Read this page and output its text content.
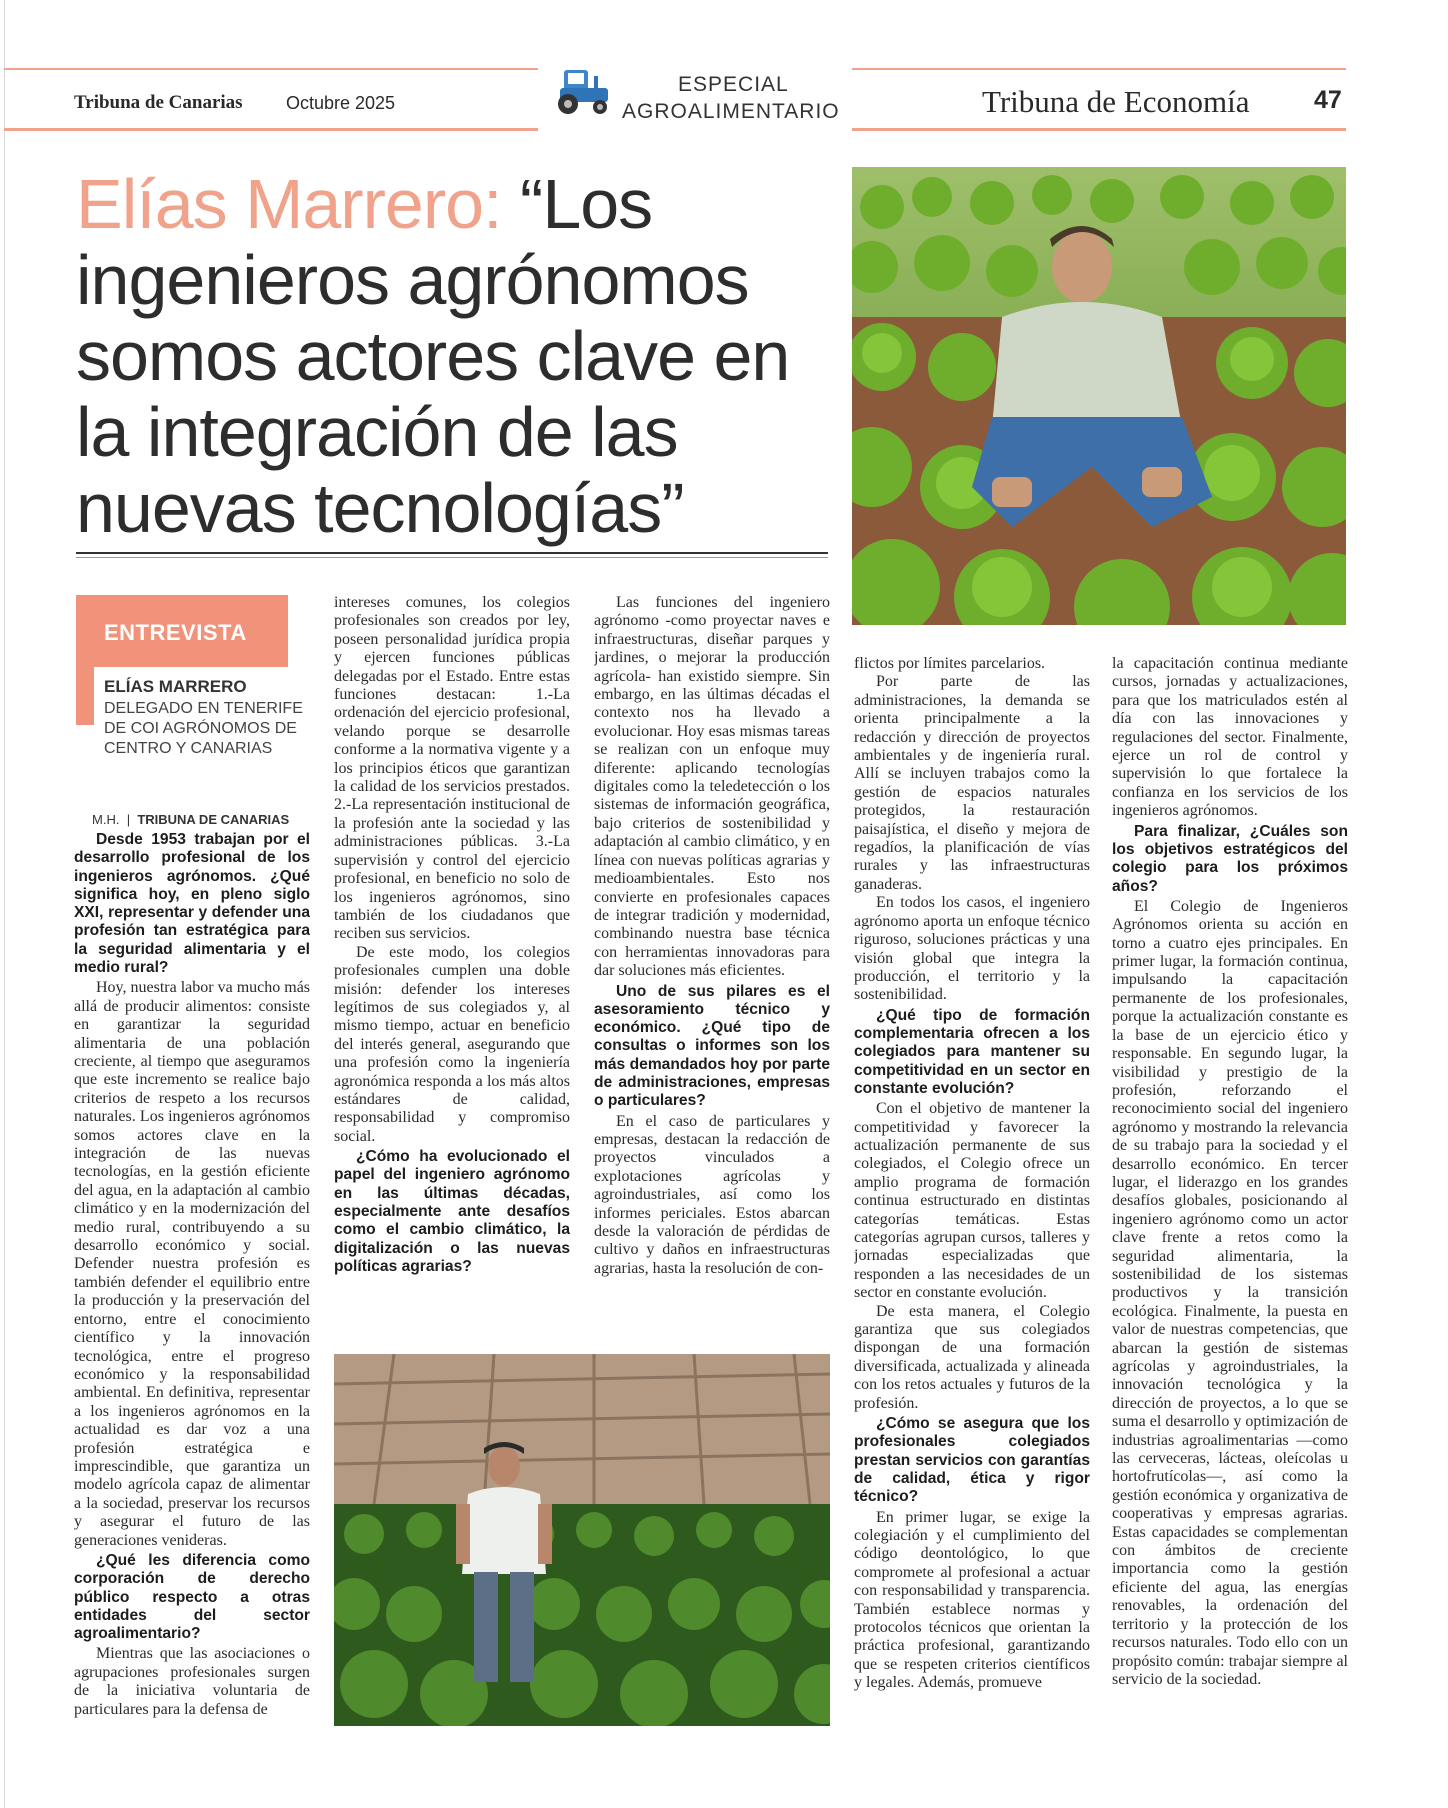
Tribuna de Canarias Octubre 2025
ESPECIAL
AGROALIMENTARIO	Tribuna de Economía	47
Elías Marrero: “Los ingenieros agrónomos somos actores clave en la integración de las nuevas tecnologías”
ENTREVISTA
ELÍAS MARRERO
DELEGADO EN TENERIFE DE COI AGRÓNOMOS DE CENTRO Y CANARIAS
M.H.  |  TRIBUNA DE CANARIAS

Desde 1953 trabajan por el desarrollo profesional de los ingenieros agrónomos. ¿Qué significa hoy, en pleno siglo XXI, representar y defender una profesión tan estratégica para la seguridad alimentaria y el medio rural?

Hoy, nuestra labor va mucho más allá de producir alimentos: consiste en garantizar la seguridad alimentaria de una población creciente, al tiempo que aseguramos que este incremento se realice bajo criterios de respeto a los recursos naturales. Los ingenieros agrónomos somos actores clave en la integración de las nuevas tecnologías, en la gestión eficiente del agua, en la adaptación al cambio climático y en la modernización del medio rural, contribuyendo a su desarrollo económico y social. Defender nuestra profesión es también defender el equilibrio entre la producción y la preservación del entorno, entre el conocimiento científico y la innovación tecnológica, entre el progreso económico y la responsabilidad ambiental. En definitiva, representar a los ingenieros agrónomos en la actualidad es dar voz a una profesión estratégica e imprescindible, que garantiza un modelo agrícola capaz de alimentar a la sociedad, preservar los recursos y asegurar el futuro de las generaciones venideras.

¿Qué les diferencia como corporación de derecho público respecto a otras entidades del sector agroalimentario?

Mientras que las asociaciones o agrupaciones profesionales surgen de la iniciativa voluntaria de particulares para la defensa de

intereses comunes, los colegios profesionales son creados por ley, poseen personalidad jurídica propia y ejercen funciones públicas delegadas por el Estado. Entre estas funciones destacan: 1.-La ordenación del ejercicio profesional, velando porque se desarrolle conforme a la normativa vigente y a los principios éticos que garantizan la calidad de los servicios prestados. 2.-La representación institucional de la profesión ante la sociedad y las administraciones públicas. 3.-La supervisión y control del ejercicio profesional, en beneficio no solo de los ingenieros agrónomos, sino también de los ciudadanos que reciben sus servicios.

De este modo, los colegios profesionales cumplen una doble misión: defender los intereses legítimos de sus colegiados y, al mismo tiempo, actuar en beneficio del interés general, asegurando que una profesión como la ingeniería agronómica responda a los más altos estándares de calidad, responsabilidad y compromiso social.

¿Cómo ha evolucionado el papel del ingeniero agrónomo en las últimas décadas, especialmente ante desafíos como el cambio climático, la digitalización o las nuevas políticas agrarias?

Las funciones del ingeniero agrónomo -como proyectar naves e infraestructuras, diseñar parques y jardines, o mejorar la producción agrícola- han existido siempre. Sin embargo, en las últimas décadas el contexto nos ha llevado a evolucionar. Hoy esas mismas tareas se realizan con un enfoque muy diferente: aplicando tecnologías digitales como la teledetección o los sistemas de información geográfica, bajo criterios de sostenibilidad y adaptación al cambio climático, y en línea con nuevas políticas agrarias y medioambientales. Esto nos convierte en profesionales capaces de integrar tradición y modernidad, combinando nuestra base técnica con herramientas innovadoras para dar soluciones más eficientes.

Uno de sus pilares es el asesoramiento técnico y económico. ¿Qué tipo de consultas o informes son los más demandados hoy por parte de administraciones, empresas o particulares?

En el caso de particulares y empresas, destacan la redacción de proyectos vinculados a explotaciones agrícolas y agroindustriales, así como los informes periciales. Estos abarcan desde la valoración de pérdidas de cultivo y daños en infraestructuras agrarias, hasta la resolución de con-

flictos por límites parcelarios.

Por parte de las administraciones, la demanda se orienta principalmente a la redacción y dirección de proyectos ambientales y de ingeniería rural. Allí se incluyen trabajos como la gestión de espacios naturales protegidos, la restauración paisajística, el diseño y mejora de regadíos, la planificación de vías rurales y las infraestructuras ganaderas.

En todos los casos, el ingeniero agrónomo aporta un enfoque técnico riguroso, soluciones prácticas y una visión global que integra la producción, el territorio y la sostenibilidad.

¿Qué tipo de formación complementaria ofrecen a los colegiados para mantener su competitividad en un sector en constante evolución?

Con el objetivo de mantener la competitividad y favorecer la actualización permanente de sus colegiados, el Colegio ofrece un amplio programa de formación continua estructurado en distintas categorías temáticas. Estas categorías agrupan cursos, talleres y jornadas especializadas que responden a las necesidades de un sector en constante evolución.

De esta manera, el Colegio garantiza que sus colegiados dispongan de una formación diversificada, actualizada y alineada con los retos actuales y futuros de la profesión.

¿Cómo se asegura que los profesionales colegiados prestan servicios con garantías de calidad, ética y rigor técnico?

En primer lugar, se exige la colegiación y el cumplimiento del código deontológico, lo que compromete al profesional a actuar con responsabilidad y transparencia. También establece normas y protocolos técnicos que orientan la práctica profesional, garantizando que se respeten criterios científicos y legales. Además, promueve

la capacitación continua mediante cursos, jornadas y actualizaciones, para que los matriculados estén al día con las innovaciones y regulaciones del sector. Finalmente, ejerce un rol de control y supervisión lo que fortalece la confianza en los servicios de los ingenieros agrónomos.

Para finalizar, ¿Cuáles son los objetivos estratégicos del colegio para los próximos años?

El Colegio de Ingenieros Agrónomos orienta su acción en torno a cuatro ejes principales. En primer lugar, la formación continua, impulsando la capacitación permanente de los profesionales, porque la actualización constante es la base de un ejercicio ético y responsable. En segundo lugar, la visibilidad y prestigio de la profesión, reforzando el reconocimiento social del ingeniero agrónomo y mostrando la relevancia de su trabajo para la sociedad y el desarrollo económico. En tercer lugar, el liderazgo en los grandes desafíos globales, posicionando al ingeniero agrónomo como un actor clave frente a retos como la seguridad alimentaria, la sostenibilidad de los sistemas productivos y la transición ecológica. Finalmente, la puesta en valor de nuestras competencias, que abarcan la gestión de sistemas agrícolas y agroindustriales, la innovación tecnológica y la dirección de proyectos, a lo que se suma el desarrollo y optimización de industrias agroalimentarias —como las cerveceras, lácteas, oleícolas u hortofrutícolas—, así como la gestión económica y organizativa de cooperativas y empresas agrarias. Estas capacidades se complementan con ámbitos de creciente importancia como la gestión eficiente del agua, las energías renovables, la ordenación del territorio y la protección de los recursos naturales. Todo ello con un propósito común: trabajar siempre al servicio de la sociedad.
